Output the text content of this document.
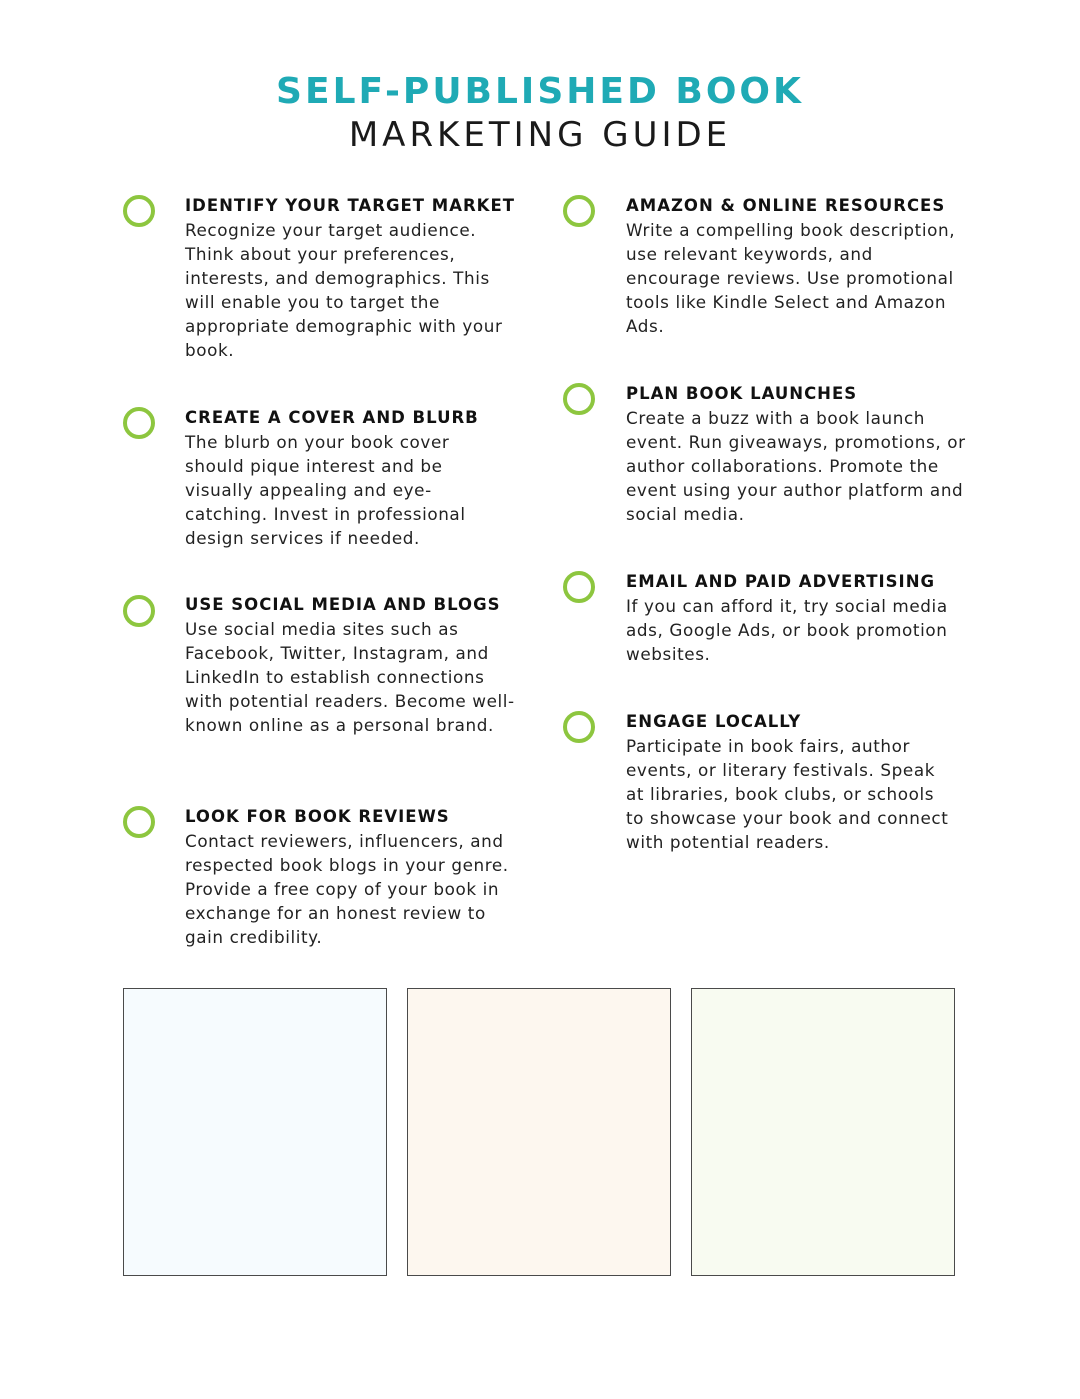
SELF-PUBLISHED BOOK
MARKETING GUIDE
IDENTIFY YOUR TARGET MARKET
Recognize your target audience. Think about your preferences, interests, and demographics. This will enable you to target the appropriate demographic with your book.
CREATE A COVER AND BLURB
The blurb on your book cover should pique interest and be visually appealing and eye-catching. Invest in professional design services if needed.
USE SOCIAL MEDIA AND BLOGS
Use social media sites such as Facebook, Twitter, Instagram, and LinkedIn to establish connections with potential readers. Become well-known online as a personal brand.
LOOK FOR BOOK REVIEWS
Contact reviewers, influencers, and respected book blogs in your genre. Provide a free copy of your book in exchange for an honest review to gain credibility.
AMAZON & ONLINE RESOURCES
Write a compelling book description, use relevant keywords, and encourage reviews. Use promotional tools like Kindle Select and Amazon Ads.
PLAN BOOK LAUNCHES
Create a buzz with a book launch event. Run giveaways, promotions, or author collaborations. Promote the event using your author platform and social media.
EMAIL AND PAID ADVERTISING
If you can afford it, try social media ads, Google Ads, or book promotion websites.
ENGAGE LOCALLY
Participate in book fairs, author events, or literary festivals. Speak at libraries, book clubs, or schools to showcase your book and connect with potential readers.
